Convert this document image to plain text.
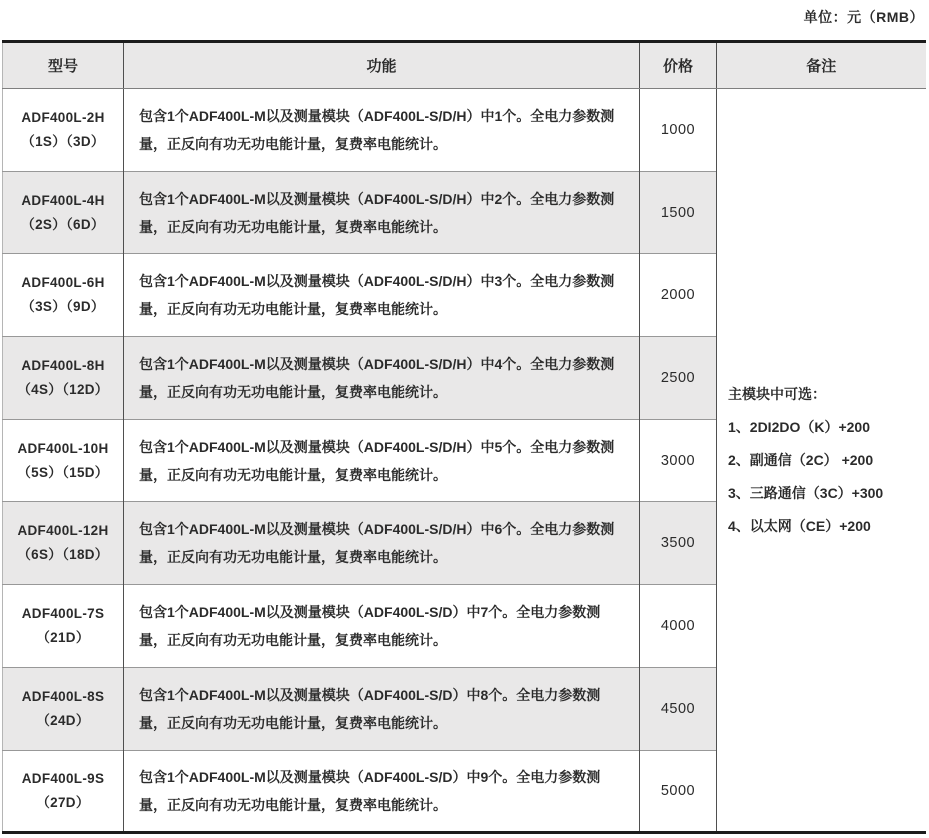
单位：元（RMB）
型号	功能	价格	备注

ADF400L-2H
（1S）（3D）
	包含1个ADF400L-M以及测量模块（ADF400L-S/D/H）中1个。全电力参数测量，正反向有功无功电能计量，复费率电能统计。	1000	

主模块中可选：

1、2DI2DO（K）+200

2、副通信（2C） +200

3、三路通信（3C）+300

4、以太网（CE）+200

ADF400L-4H
（2S）（6D）	包含1个ADF400L-M以及测量模块（ADF400L-S/D/H）中2个。全电力参数测量，正反向有功无功电能计量，复费率电能统计。	1500	

ADF400L-6H
（3S）（9D）	包含1个ADF400L-M以及测量模块（ADF400L-S/D/H）中3个。全电力参数测量，正反向有功无功电能计量，复费率电能统计。	2000	

ADF400L-8H
（4S）（12D）	包含1个ADF400L-M以及测量模块（ADF400L-S/D/H）中4个。全电力参数测量，正反向有功无功电能计量，复费率电能统计。	2500	

ADF400L-10H
（5S）（15D）	包含1个ADF400L-M以及测量模块（ADF400L-S/D/H）中5个。全电力参数测量，正反向有功无功电能计量，复费率电能统计。	3000	

ADF400L-12H
（6S）（18D）	包含1个ADF400L-M以及测量模块（ADF400L-S/D/H）中6个。全电力参数测量，正反向有功无功电能计量，复费率电能统计。	3500	

ADF400L-7S
（21D）	包含1个ADF400L-M以及测量模块（ADF400L-S/D）中7个。全电力参数测量，正反向有功无功电能计量，复费率电能统计。	4000	

ADF400L-8S
（24D）	包含1个ADF400L-M以及测量模块（ADF400L-S/D）中8个。全电力参数测量，正反向有功无功电能计量，复费率电能统计。	4500	

ADF400L-9S
（27D）	包含1个ADF400L-M以及测量模块（ADF400L-S/D）中9个。全电力参数测量，正反向有功无功电能计量，复费率电能统计。	5000	
